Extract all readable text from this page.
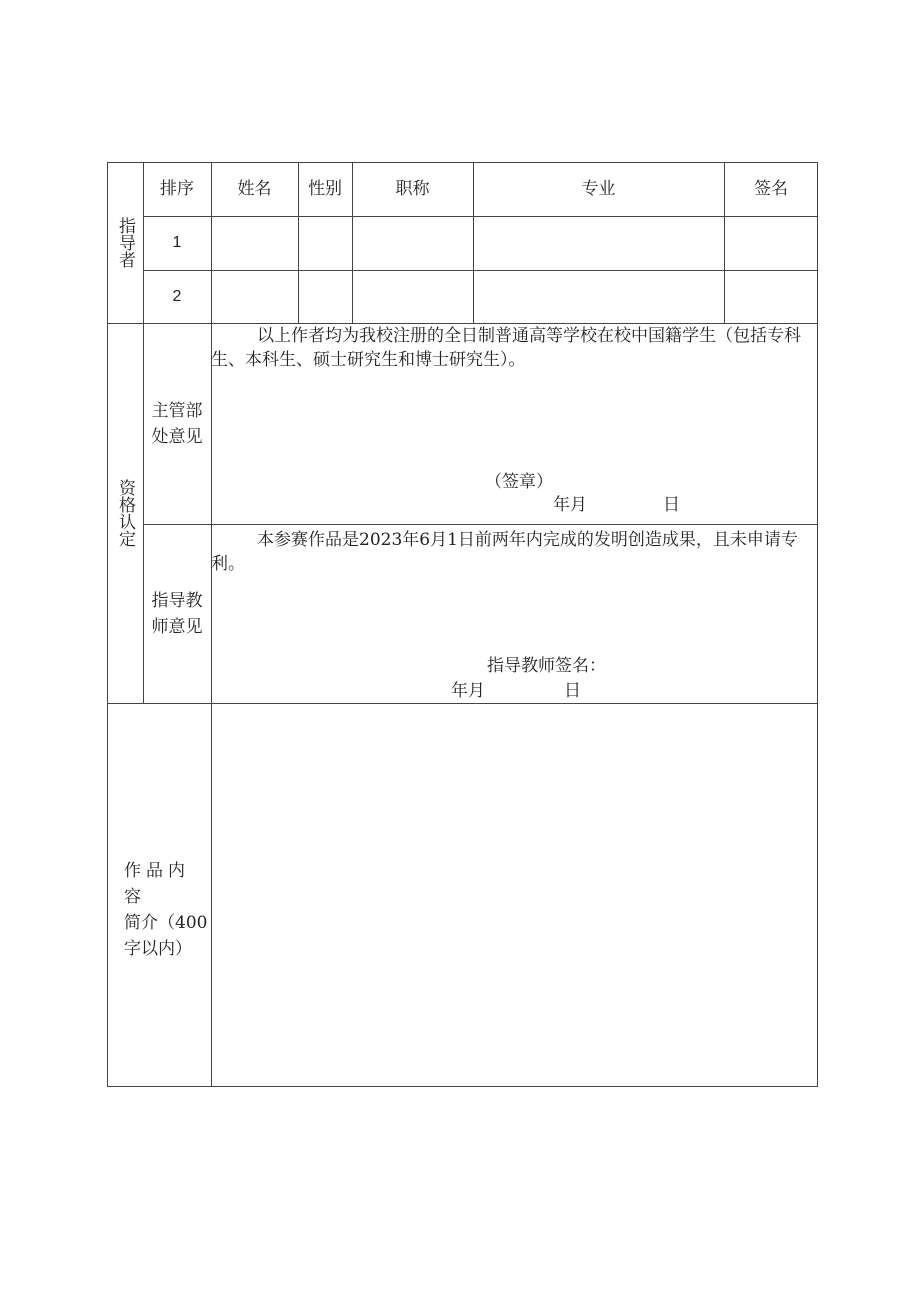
指导者
排序	姓名	性别	职称	专业	签名
1
2
资格认定
主管部
处意见
以上作者均为我校注册的全日制普通高等学校在校中国籍学生（包括专科生、本科生、硕士研究生和博士研究生）。
（签章）
年月	日
指导教
师意见
本参赛作品是2023年6月1日前两年内完成的发明创造成果，且未申请专利。
指导教师签名：
年月	日
作品内容
简介（400
字以内）
